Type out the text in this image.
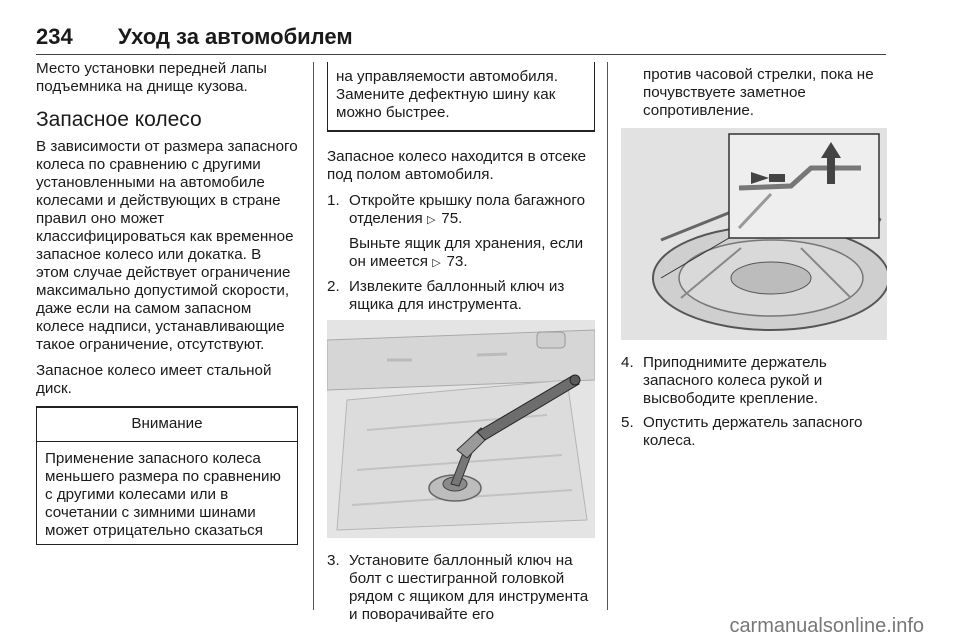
234 Уход за автомобилем

Место установки передней лапы подъемника на днище кузова.

Запасное колесо

В зависимости от размера запасного колеса по сравнению с другими установленными на автомобиле колесами и действующих в стране правил оно может классифицироваться как временное запасное колесо или докатка. В этом случае действует ограничение максимально допустимой скорости, даже если на самом запасном колесе надписи, устанавливающие такое ограничение, отсутствуют.

Запасное колесо имеет стальной диск.

Внимание
Применение запасного колеса меньшего размера по сравнению с другими колесами или в сочетании с зимними шинами может отрицательно сказаться
на управляемости автомобиля. Замените дефектную шину как можно быстрее.

Запасное колесо находится в отсеке под полом автомобиля.

1. Откройте крышку пола багажного отделения ▷ 75.
Выньте ящик для хранения, если он имеется ▷ 73.
2. Извлеките баллонный ключ из ящика для инструмента.
3. Установите баллонный ключ на болт с шестигранной головкой рядом с ящиком для инструмента и поворачивайте его

против часовой стрелки, пока не почувствуете заметное сопротивление.

4. Приподнимите держатель запасного колеса рукой и высвободите крепление.
5. Опустить держатель запасного колеса.
carmanualsonline.info
